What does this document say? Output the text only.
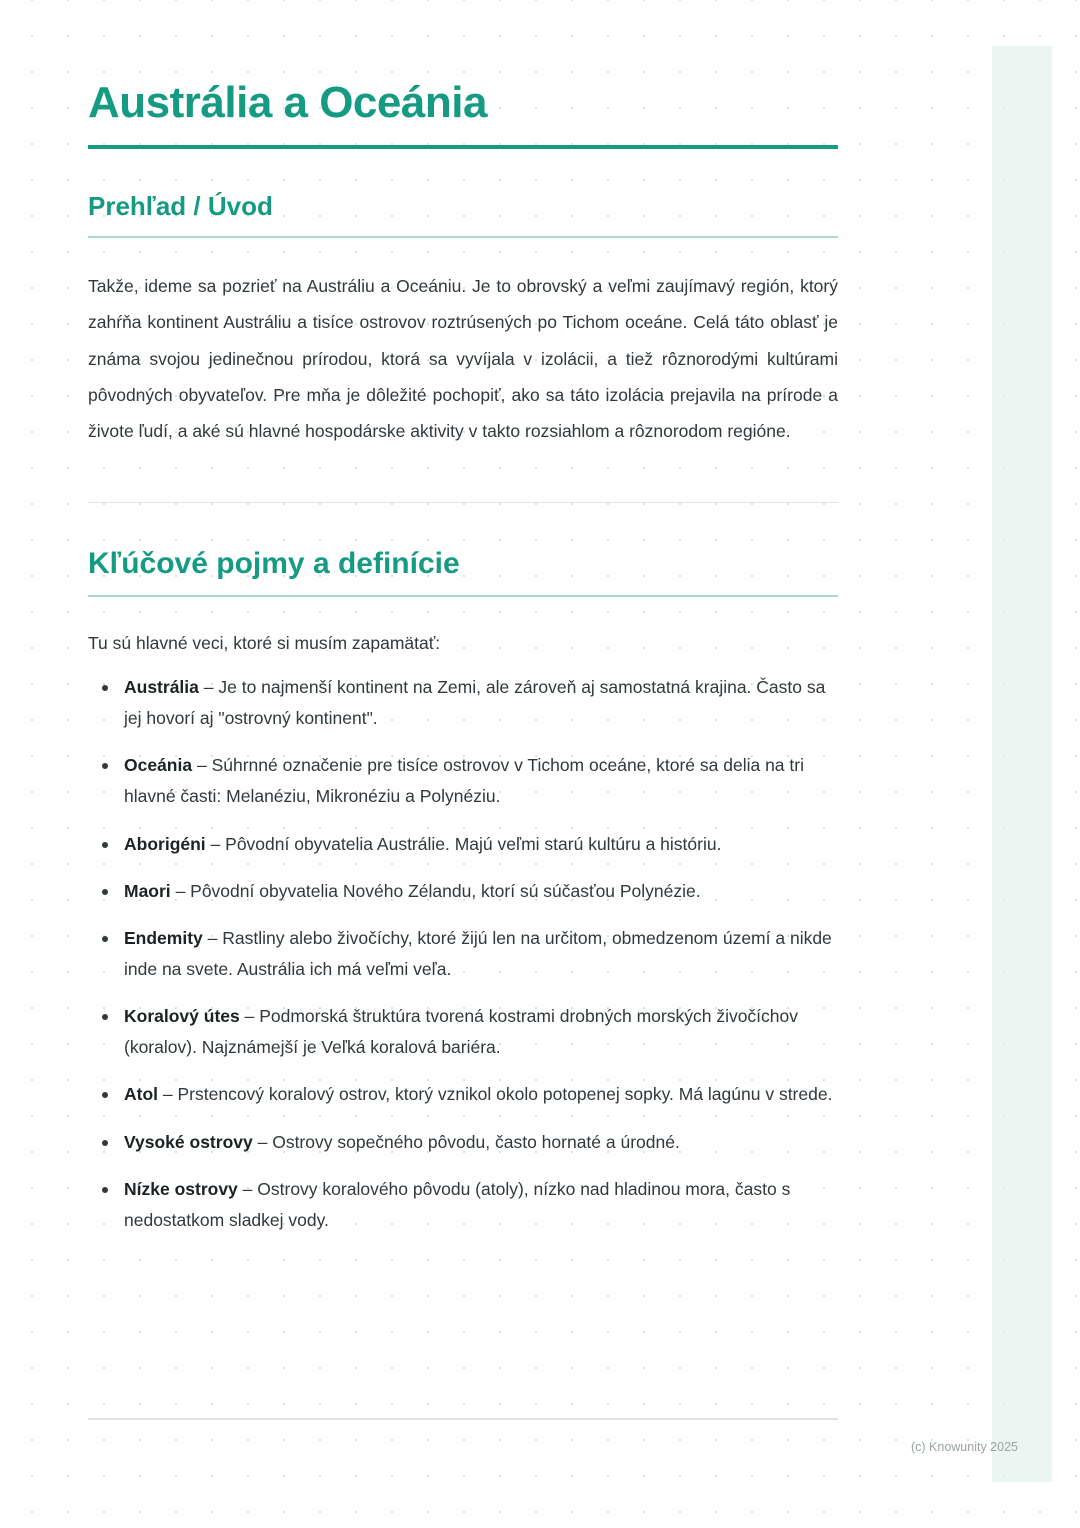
Austrália a Oceánia
Prehľad / Úvod

Takže, ideme sa pozrieť na Austráliu a Oceániu. Je to obrovský a veľmi zaujímavý región, ktorý zahŕňa kontinent Austráliu a tisíce ostrovov roztrúsených po Tichom oceáne. Celá táto oblasť je známa svojou jedinečnou prírodou, ktorá sa vyvíjala v izolácii, a tiež rôznorodými kultúrami pôvodných obyvateľov. Pre mňa je dôležité pochopiť, ako sa táto izolácia prejavila na prírode a živote ľudí, a aké sú hlavné hospodárske aktivity v takto rozsiahlom a rôznorodom regióne.

Kľúčové pojmy a definície

Tu sú hlavné veci, ktoré si musím zapamätať:

Austrália – Je to najmenší kontinent na Zemi, ale zároveň aj samostatná krajina. Často sa jej hovorí aj "ostrovný kontinent".
Oceánia – Súhrnné označenie pre tisíce ostrovov v Tichom oceáne, ktoré sa delia na tri hlavné časti: Melanéziu, Mikronéziu a Polynéziu.
Aborigéni – Pôvodní obyvatelia Austrálie. Majú veľmi starú kultúru a históriu.
Maori – Pôvodní obyvatelia Nového Zélandu, ktorí sú súčasťou Polynézie.
Endemity – Rastliny alebo živočíchy, ktoré žijú len na určitom, obmedzenom území a nikde inde na svete. Austrália ich má veľmi veľa.
Koralový útes – Podmorská štruktúra tvorená kostrami drobných morských živočíchov (koralov). Najznámejší je Veľká koralová bariéra.
Atol – Prstencový koralový ostrov, ktorý vznikol okolo potopenej sopky. Má lagúnu v strede.
Vysoké ostrovy – Ostrovy sopečného pôvodu, často hornaté a úrodné.
Nízke ostrovy – Ostrovy koralového pôvodu (atoly), nízko nad hladinou mora, často s nedostatkom sladkej vody.
(c) Knowunity 2025
